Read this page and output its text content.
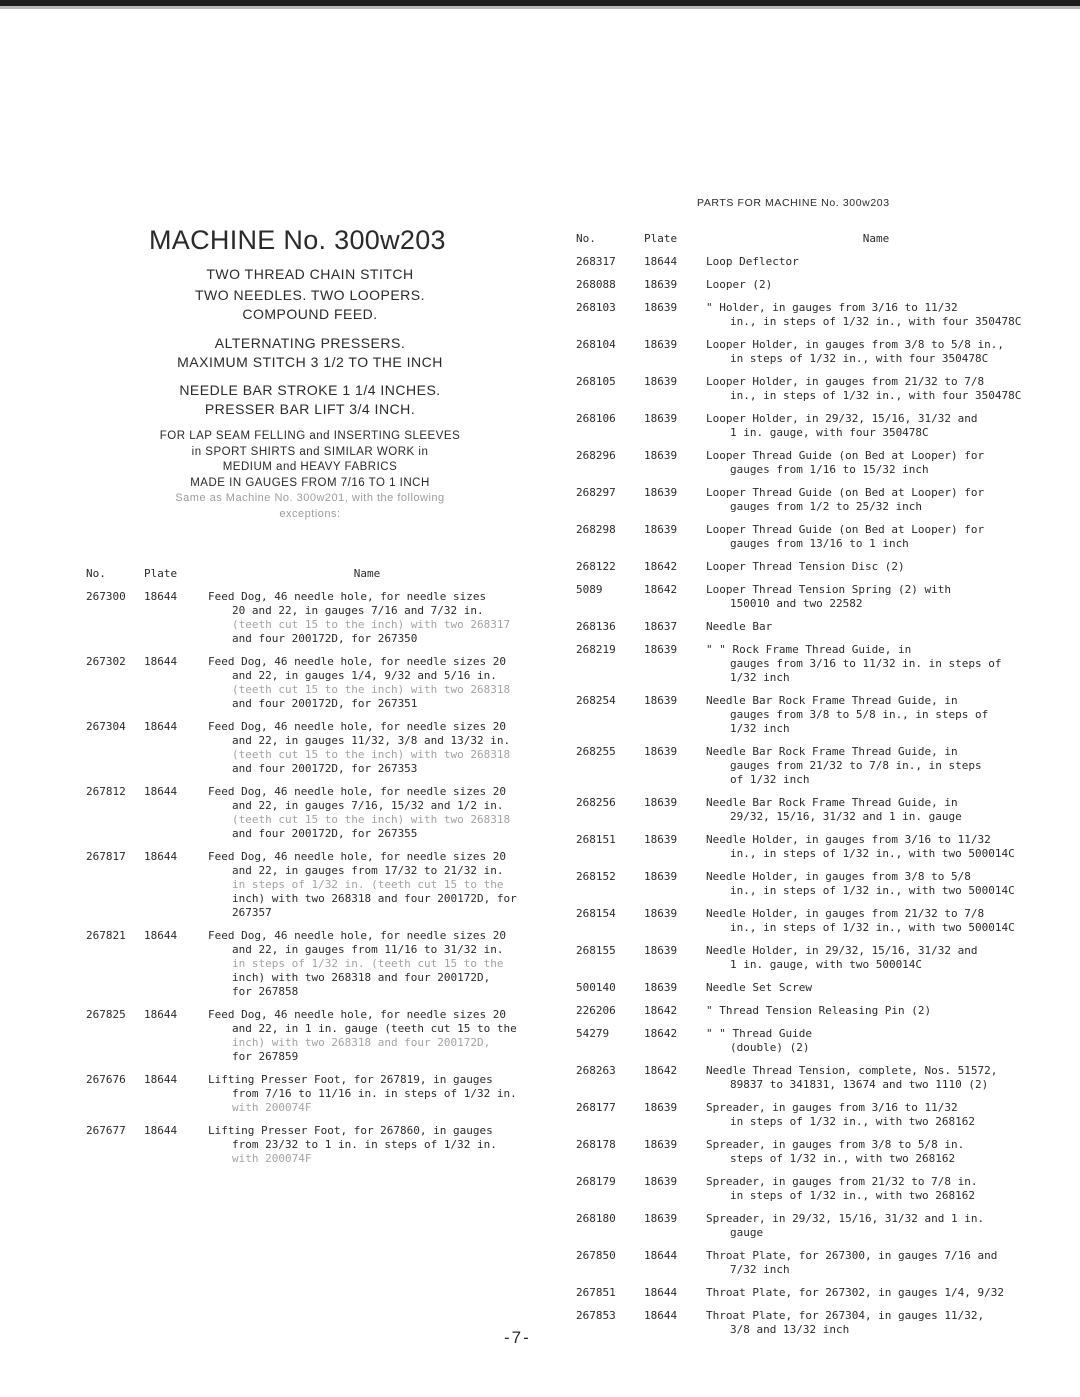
MACHINE No. 300w203

TWO THREAD CHAIN STITCH

TWO NEEDLES. TWO LOOPERS.

COMPOUND FEED.

ALTERNATING PRESSERS.

MAXIMUM STITCH 3 1/2 TO THE INCH

NEEDLE BAR STROKE 1 1/4 INCHES.

PRESSER BAR LIFT 3/4 INCH.

FOR LAP SEAM FELLING and INSERTING SLEEVES

in SPORT SHIRTS and SIMILAR WORK in

MEDIUM and HEAVY FABRICS

MADE IN GAUGES FROM 7/16 TO 1 INCH

Same as Machine No. 300w201, with the following
exceptions:
No.	Plate	Name
267300	18644	Feed Dog, 46 needle hole, for needle sizes
20 and 22, in gauges 7/16 and 7/32 in.
(teeth cut 15 to the inch) with two 268317
and four 200172D, for 267350

267302	18644	Feed Dog, 46 needle hole, for needle sizes 20
and 22, in gauges 1/4, 9/32 and 5/16 in.
(teeth cut 15 to the inch) with two 268318
and four 200172D, for 267351

267304	18644	Feed Dog, 46 needle hole, for needle sizes 20
and 22, in gauges 11/32, 3/8 and 13/32 in.
(teeth cut 15 to the inch) with two 268318
and four 200172D, for 267353

267812	18644	Feed Dog, 46 needle hole, for needle sizes 20
and 22, in gauges 7/16, 15/32 and 1/2 in.
(teeth cut 15 to the inch) with two 268318
and four 200172D, for 267355

267817	18644	Feed Dog, 46 needle hole, for needle sizes 20
and 22, in gauges from 17/32 to 21/32 in.
in steps of 1/32 in. (teeth cut 15 to the
inch) with two 268318 and four 200172D, for
267357

267821	18644	Feed Dog, 46 needle hole, for needle sizes 20
and 22, in gauges from 11/16 to 31/32 in.
in steps of 1/32 in. (teeth cut 15 to the
inch) with two 268318 and four 200172D,
for 267858

267825	18644	Feed Dog, 46 needle hole, for needle sizes 20
and 22, in 1 in. gauge (teeth cut 15 to the
inch) with two 268318 and four 200172D,
for 267859

267676	18644	Lifting Presser Foot, for 267819, in gauges
from 7/16 to 11/16 in. in steps of 1/32 in.
with 200074F

267677	18644	Lifting Presser Foot, for 267860, in gauges
from 23/32 to 1 in. in steps of 1/32 in.
with 200074F
PARTS FOR MACHINE No. 300w203
No.	Plate	Name
268317	18644	Loop Deflector

268088	18639	Looper (2)

268103	18639	" Holder, in gauges from 3/16 to 11/32
in., in steps of 1/32 in., with four 350478C

268104	18639	Looper Holder, in gauges from 3/8 to 5/8 in.,
in steps of 1/32 in., with four 350478C

268105	18639	Looper Holder, in gauges from 21/32 to 7/8
in., in steps of 1/32 in., with four 350478C

268106	18639	Looper Holder, in 29/32, 15/16, 31/32 and
1 in. gauge, with four 350478C

268296	18639	Looper Thread Guide (on Bed at Looper) for
gauges from 1/16 to 15/32 inch

268297	18639	Looper Thread Guide (on Bed at Looper) for
gauges from 1/2 to 25/32 inch

268298	18639	Looper Thread Guide (on Bed at Looper) for
gauges from 13/16 to 1 inch

268122	18642	Looper Thread Tension Disc (2)

5089	18642	Looper Thread Tension Spring (2) with
150010 and two 22582

268136	18637	Needle Bar

268219	18639	" " Rock Frame Thread Guide, in
gauges from 3/16 to 11/32 in. in steps of
1/32 inch

268254	18639	Needle Bar Rock Frame Thread Guide, in
gauges from 3/8 to 5/8 in., in steps of
1/32 inch

268255	18639	Needle Bar Rock Frame Thread Guide, in
gauges from 21/32 to 7/8 in., in steps
of 1/32 inch

268256	18639	Needle Bar Rock Frame Thread Guide, in
29/32, 15/16, 31/32 and 1 in. gauge

268151	18639	Needle Holder, in gauges from 3/16 to 11/32
in., in steps of 1/32 in., with two 500014C

268152	18639	Needle Holder, in gauges from 3/8 to 5/8
in., in steps of 1/32 in., with two 500014C

268154	18639	Needle Holder, in gauges from 21/32 to 7/8
in., in steps of 1/32 in., with two 500014C

268155	18639	Needle Holder, in 29/32, 15/16, 31/32 and
1 in. gauge, with two 500014C

500140	18639	Needle Set Screw

226206	18642	" Thread Tension Releasing Pin (2)

54279	18642	" " Thread Guide
(double) (2)

268263	18642	Needle Thread Tension, complete, Nos. 51572,
89837 to 341831, 13674 and two 1110 (2)

268177	18639	Spreader, in gauges from 3/16 to 11/32
in steps of 1/32 in., with two 268162

268178	18639	Spreader, in gauges from 3/8 to 5/8 in.
steps of 1/32 in., with two 268162

268179	18639	Spreader, in gauges from 21/32 to 7/8 in.
in steps of 1/32 in., with two 268162

268180	18639	Spreader, in 29/32, 15/16, 31/32 and 1 in.
gauge

267850	18644	Throat Plate, for 267300, in gauges 7/16 and
7/32 inch

267851	18644	Throat Plate, for 267302, in gauges 1/4, 9/32

267853	18644	Throat Plate, for 267304, in gauges 11/32,
3/8 and 13/32 inch
-7-
